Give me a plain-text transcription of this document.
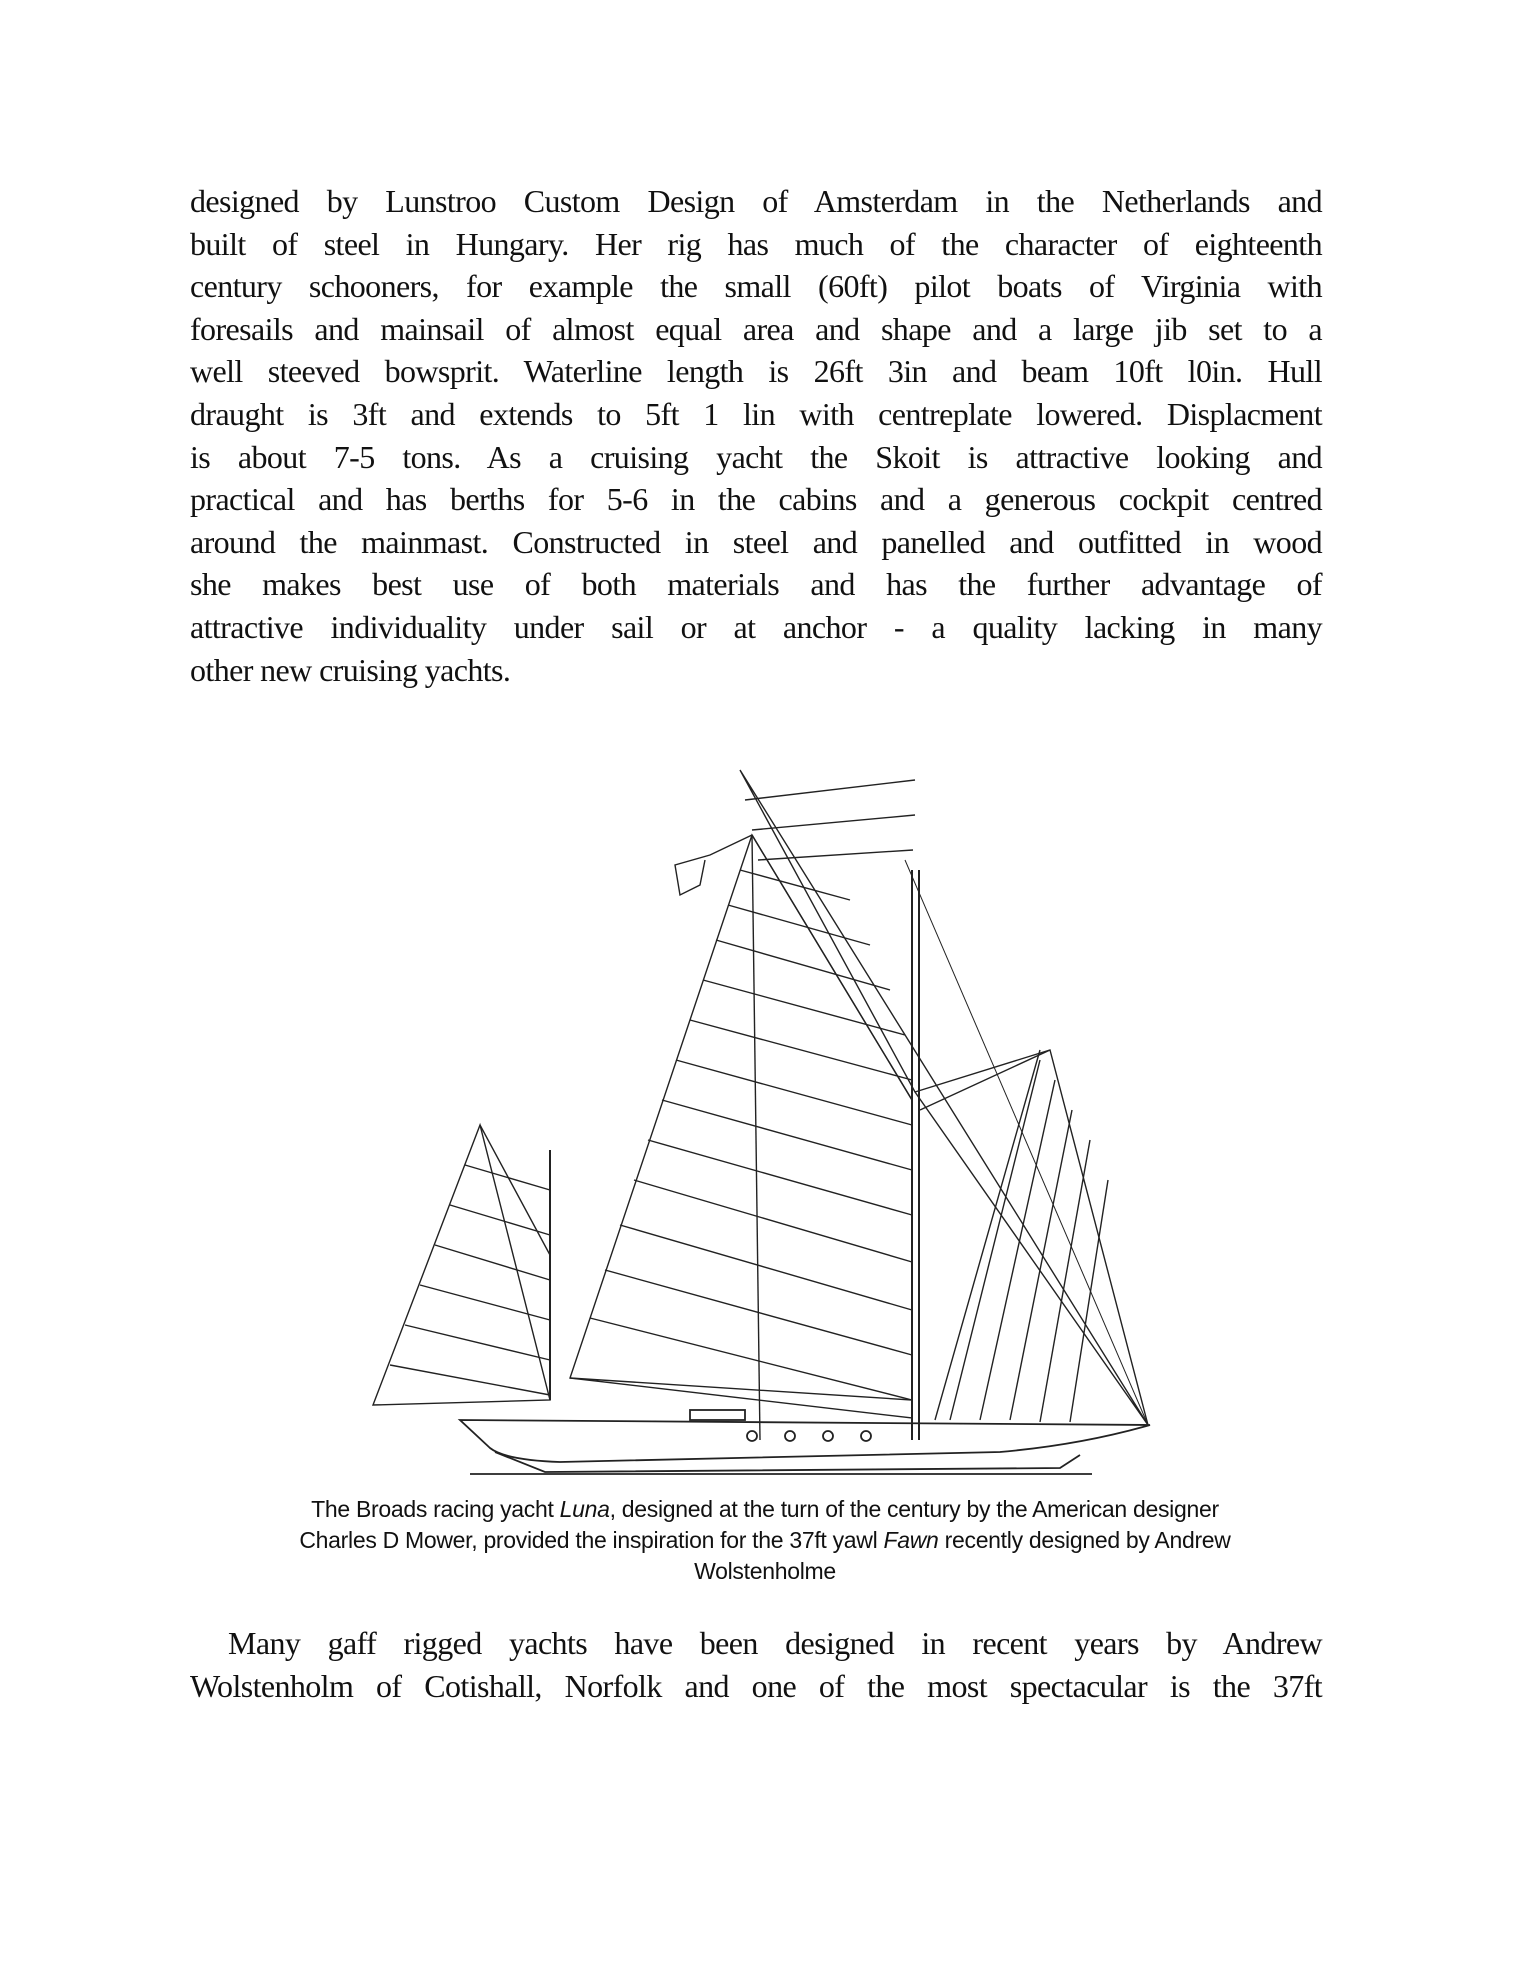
designed by Lunstroo Custom Design of Amsterdam in the Netherlands and
built of steel in Hungary. Her rig has much of the character of eighteenth
century schooners, for example the small (60ft) pilot boats of Virginia with
foresails and mainsail of almost equal area and shape and a large jib set to a
well steeved bowsprit. Waterline length is 26ft 3in and beam 10ft l0in. Hull
draught is 3ft and extends to 5ft 1 lin with centreplate lowered. Displacment
is about 7-5 tons. As a cruising yacht the Skoit is attractive looking and
practical and has berths for 5-6 in the cabins and a generous cockpit centred
around the mainmast. Constructed in steel and panelled and outfitted in wood
she makes best use of both materials and has the further advantage of
attractive individuality under sail or at anchor - a quality lacking in many
other new cruising yachts.
The Broads racing yacht Luna, designed at the turn of the century by the American designer
Charles D Mower, provided the inspiration for the 37ft yawl Fawn recently designed by Andrew
Wolstenholme
Many gaff rigged yachts have been designed in recent years by Andrew
Wolstenholm of Cotishall, Norfolk and one of the most spectacular is the 37ft
